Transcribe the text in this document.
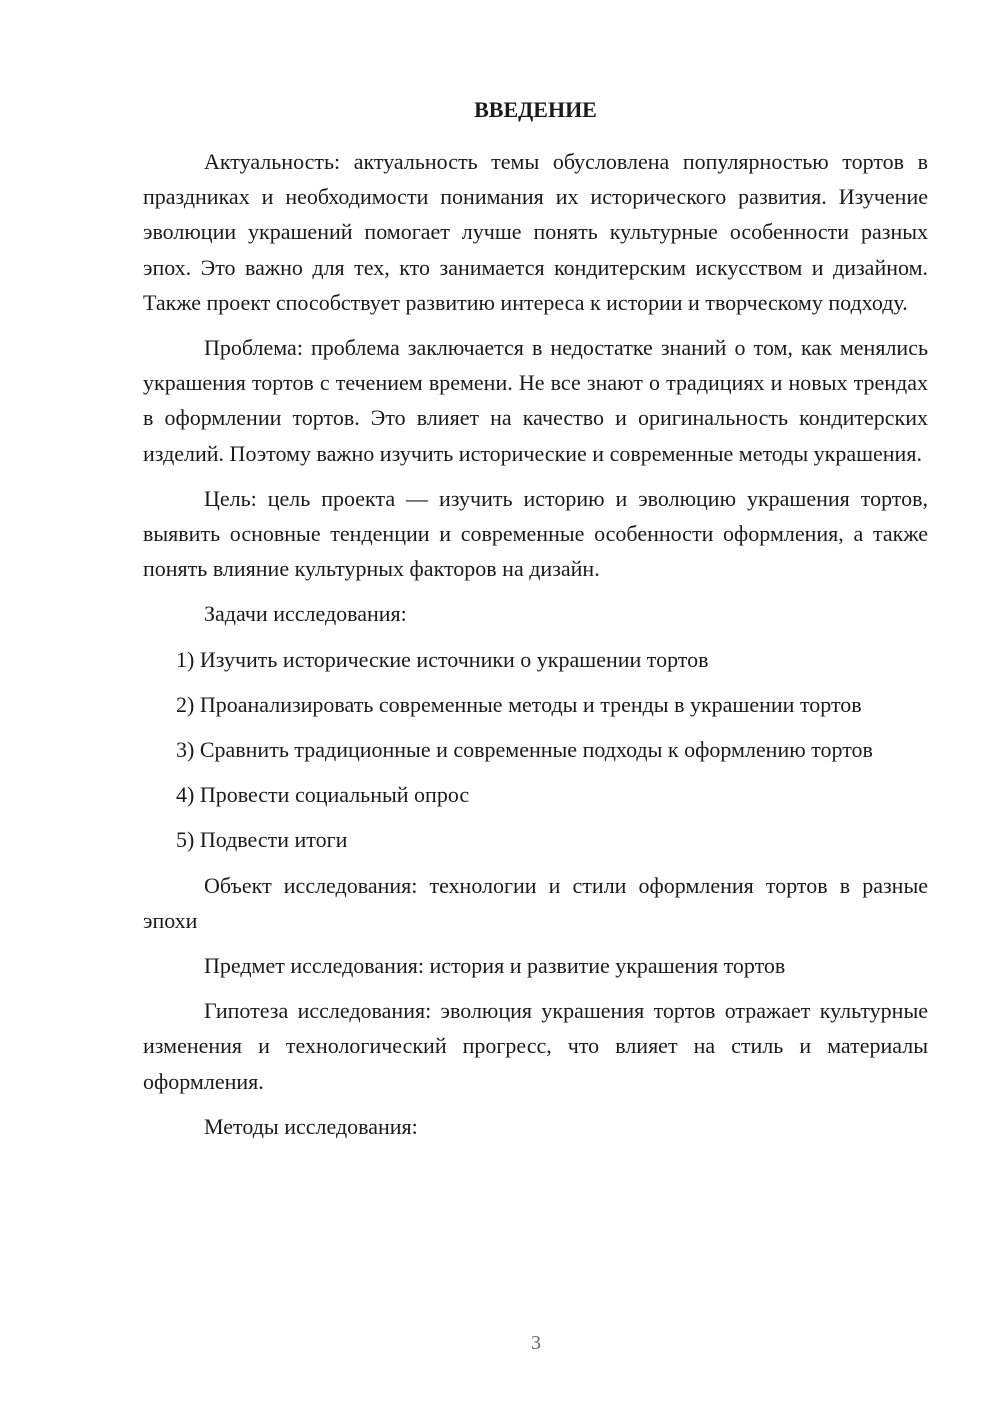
ВВЕДЕНИЕ

Актуальность: актуальность темы обусловлена популярностью тортов в праздниках и необходимости понимания их исторического развития. Изучение эволюции украшений помогает лучше понять культурные особенности разных эпох. Это важно для тех, кто занимается кондитерским искусством и дизайном. Также проект способствует развитию интереса к истории и творческому подходу.

Проблема: проблема заключается в недостатке знаний о том, как менялись украшения тортов с течением времени. Не все знают о традициях и новых трендах в оформлении тортов. Это влияет на качество и оригинальность кондитерских изделий. Поэтому важно изучить исторические и современные методы украшения.

Цель: цель проекта — изучить историю и эволюцию украшения тортов, выявить основные тенденции и современные особенности оформления, а также понять влияние культурных факторов на дизайн.

Задачи исследования:

1) Изучить исторические источники о украшении тортов

2) Проанализировать современные методы и тренды в украшении тортов

3) Сравнить традиционные и современные подходы к оформлению тортов

4) Провести социальный опрос

5) Подвести итоги

Объект исследования: технологии и стили оформления тортов в разные эпохи

Предмет исследования: история и развитие украшения тортов

Гипотеза исследования: эволюция украшения тортов отражает культурные изменения и технологический прогресс, что влияет на стиль и материалы оформления.

Методы исследования:

3
